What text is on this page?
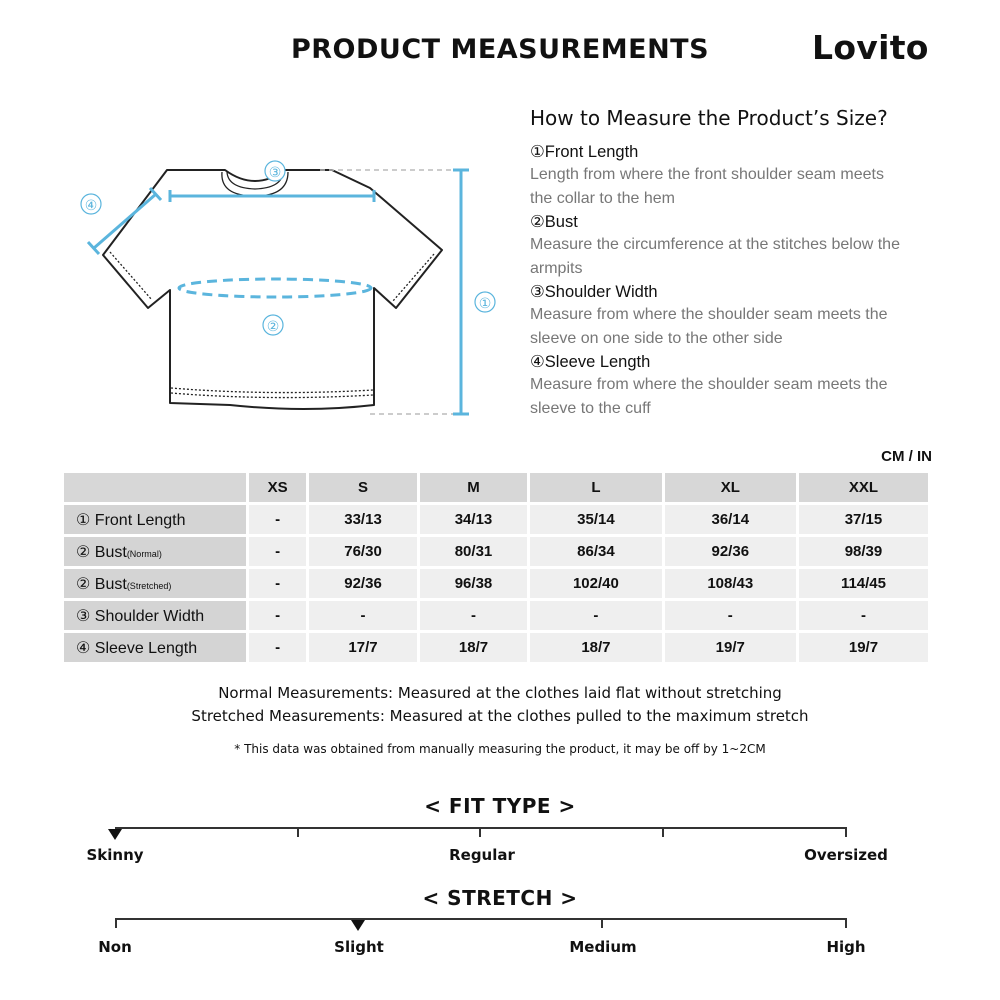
PRODUCT MEASUREMENTS	Lovito
③
④
②
①
How to Measure the Product’s Size?
①Front Length
Length from where the front shoulder seam meets the collar to the hem
②Bust
Measure the circumference at the stitches below the armpits
③Shoulder Width
Measure from where the shoulder seam meets the sleeve on one side to the other side
④Sleeve Length
Measure from where the shoulder seam meets the sleeve to the cuff
CM / IN
	XS	S	M	L	XL	XXL
① Front Length	-	33/13	34/13	35/14	36/14	37/15
② Bust(Normal)	-	76/30	80/31	86/34	92/36	98/39
② Bust(Stretched)	-	92/36	96/38	102/40	108/43	114/45
③ Shoulder Width	-	-	-	-	-	-
④ Sleeve Length	-	17/7	18/7	18/7	19/7	19/7
Normal Measurements: Measured at the clothes laid flat without stretching
Stretched Measurements: Measured at the clothes pulled to the maximum stretch
* This data was obtained from manually measuring the product, it may be off by 1~2CM
< FIT TYPE >
Skinny	Regular	Oversized
< STRETCH >
Non	Slight	Medium	High
